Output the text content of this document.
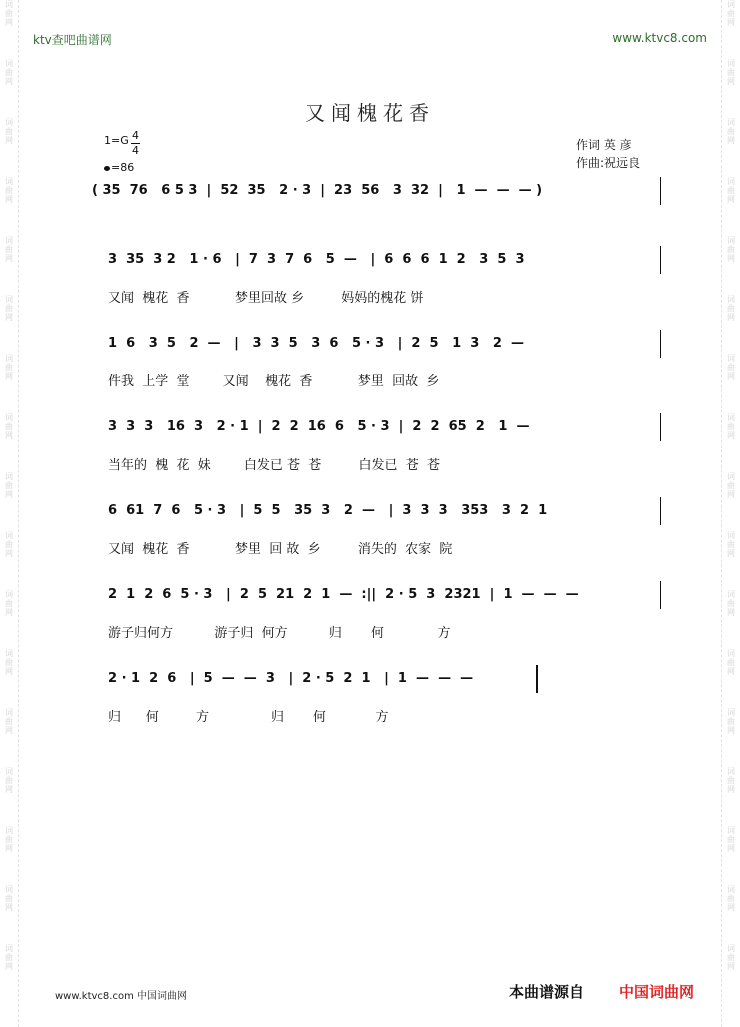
词
曲
网
词
曲
网
词
曲
网
词
曲
网
词
曲
网
词
曲
网
词
曲
网
词
曲
网
词
曲
网
词
曲
网
词
曲
网
词
曲
网
词
曲
网
词
曲
网
词
曲
网
词
曲
网
词
曲
网
词
曲
网
词
曲
网
词
曲
网
词
曲
网
词
曲
网
词
曲
网
词
曲
网
词
曲
网
词
曲
网
词
曲
网
词
曲
网
词
曲
网
词
曲
网
词
曲
网
词
曲
网
词
曲
网
词
曲
网
ktv查吧曲谱网	www.ktvc8.com
又闻槐花香
1=G 4
4
=86
作词 英 彦
作曲:祝远良
( 35  76   6 5 3  |  52  35   2 · 3  |  23  56   3  32  |   1  —  —  — )
3  35  3 2   1 · 6   |  7  3  7  6   5  —   |  6  6  6  1  2   3  5  3
又闻  槐花  香           梦里回故 乡         妈妈的槐花 饼
1  6   3  5   2  —   |   3  3  5   3  6   5 · 3   |  2  5   1  3   2  —
件我  上学  堂        又闻    槐花  香           梦里  回故  乡
3  3  3   16  3   2 · 1  |  2  2  16  6   5 · 3  |  2  2  65  2   1  —
当年的  槐  花  妹        白发已 苍  苍         白发已  苍  苍
6  61  7  6   5 · 3   |  5  5   35  3   2  —   |  3  3  3   353   3  2  1
又闻  槐花  香           梦里  回 故  乡         消失的  农家  院
2  1  2  6  5 · 3   |  2  5  21  2  1  —  :||  2 · 5  3  2321  |  1  —  —  —
游子归何方          游子归  何方          归       何             方
2 · 1  2  6   |  5  —  —  3   |  2 · 5  2  1   |  1  —  —  —
归      何         方               归       何            方
www.ktvc8.com 中国词曲网	本曲谱源自 中国词曲网
